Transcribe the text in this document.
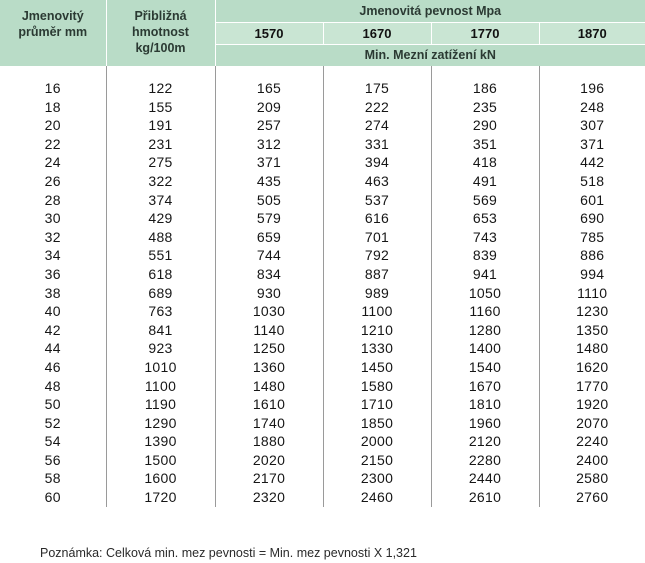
Jmenovitý
průměr mm	Přibližná
hmotnost
kg/100m	Jmenovitá pevnost Mpa			
		1570	1670	1770	1870
		Min. Mezní zatížení kN			

16	122	165	175	186	196
18	155	209	222	235	248
20	191	257	274	290	307
22	231	312	331	351	371
24	275	371	394	418	442
26	322	435	463	491	518
28	374	505	537	569	601
30	429	579	616	653	690
32	488	659	701	743	785
34	551	744	792	839	886
36	618	834	887	941	994
38	689	930	989	1050	1110
40	763	1030	1100	1160	1230
42	841	1140	1210	1280	1350
44	923	1250	1330	1400	1480
46	1010	1360	1450	1540	1620
48	1100	1480	1580	1670	1770
50	1190	1610	1710	1810	1920
52	1290	1740	1850	1960	2070
54	1390	1880	2000	2120	2240
56	1500	2020	2150	2280	2400
58	1600	2170	2300	2440	2580
60	1720	2320	2460	2610	2760
Poznámka: Celková min. mez pevnosti = Min. mez pevnosti X 1,321
